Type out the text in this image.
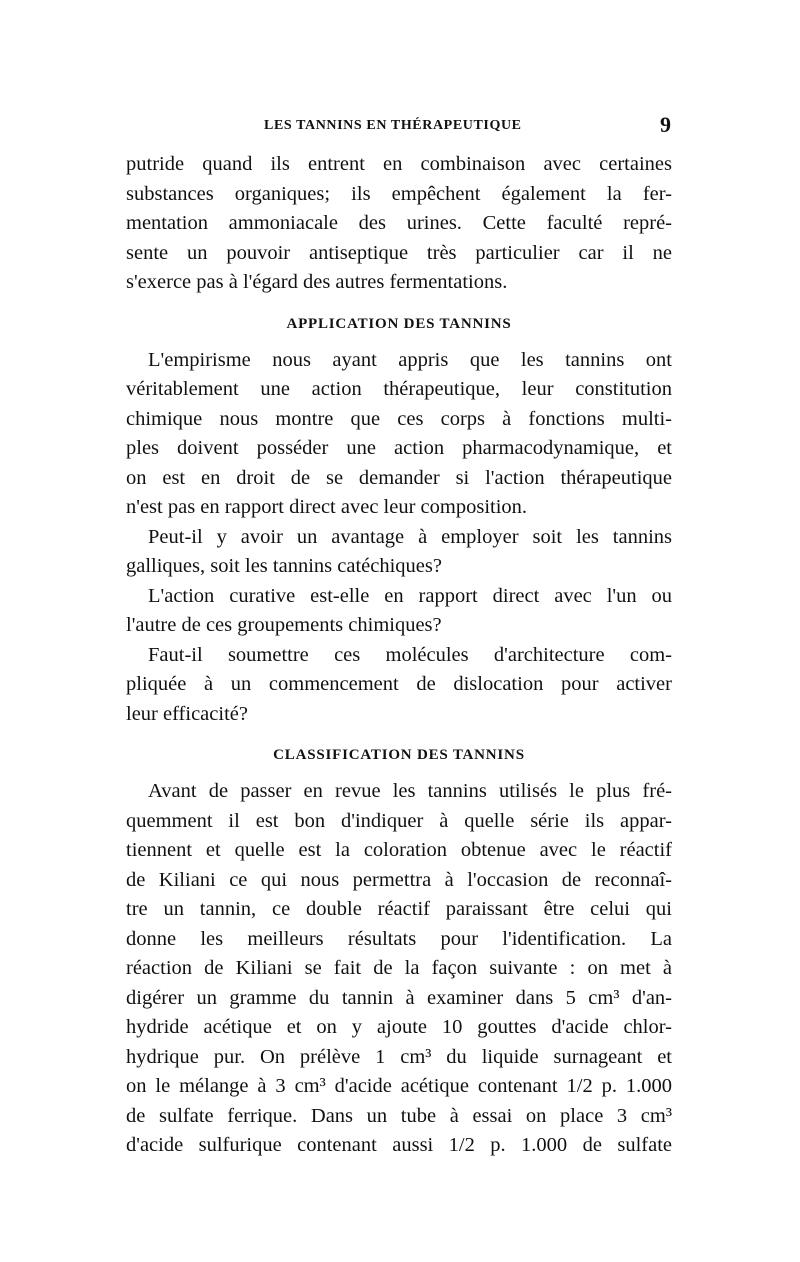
LES TANNINS EN THÉRAPEUTIQUE	9
putride quand ils entrent en combinaison avec certaines
substances organiques; ils empêchent également la fer-
mentation ammoniacale des urines. Cette faculté repré-
sente un pouvoir antiseptique très particulier car il ne
s'exerce pas à l'égard des autres fermentations.
APPLICATION DES TANNINS
L'empirisme nous ayant appris que les tannins ont
véritablement une action thérapeutique, leur constitution
chimique nous montre que ces corps à fonctions multi-
ples doivent posséder une action pharmacodynamique, et
on est en droit de se demander si l'action thérapeutique
n'est pas en rapport direct avec leur composition.
Peut-il y avoir un avantage à employer soit les tannins
galliques, soit les tannins catéchiques?
L'action curative est-elle en rapport direct avec l'un ou
l'autre de ces groupements chimiques?
Faut-il soumettre ces molécules d'architecture com-
pliquée à un commencement de dislocation pour activer
leur efficacité?
CLASSIFICATION DES TANNINS
Avant de passer en revue les tannins utilisés le plus fré-
quemment il est bon d'indiquer à quelle série ils appar-
tiennent et quelle est la coloration obtenue avec le réactif
de Kiliani ce qui nous permettra à l'occasion de reconnaî-
tre un tannin, ce double réactif paraissant être celui qui
donne les meilleurs résultats pour l'identification. La
réaction de Kiliani se fait de la façon suivante : on met à
digérer un gramme du tannin à examiner dans 5 cm³ d'an-
hydride acétique et on y ajoute 10 gouttes d'acide chlor-
hydrique pur. On prélève 1 cm³ du liquide surnageant et
on le mélange à 3 cm³ d'acide acétique contenant 1/2 p. 1.000
de sulfate ferrique. Dans un tube à essai on place 3 cm³
d'acide sulfurique contenant aussi 1/2 p. 1.000 de sulfate
